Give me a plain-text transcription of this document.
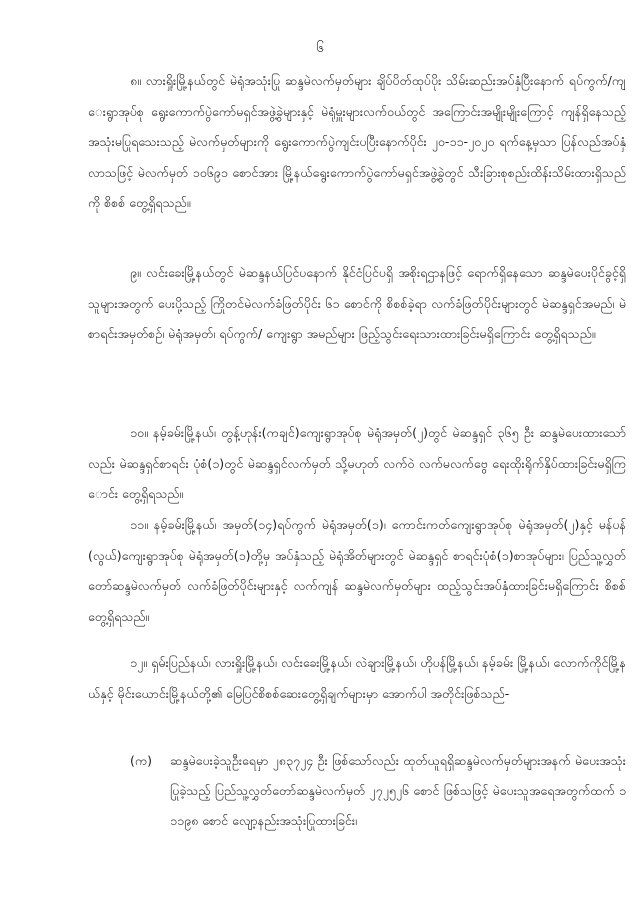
၆
၈။ လားရှိုးမြို့နယ်တွင် မဲရုံအသုံးပြု ဆန္ဒမဲလက်မှတ်များ ချိပ်ပိတ်ထုပ်ပိုး သိမ်းဆည်းအပ်နှံပြီးနောက် ရပ်ကွက်/ကျေးရွာအုပ်စု ရွေးကောက်ပွဲကော်မရှင်အဖွဲ့ခွဲများနှင့် မဲရုံမှူးများလက်ဝယ်တွင် အကြောင်းအမျိုးမျိုးကြောင့် ကျန်ရှိနေသည့် အသုံးမပြုရသေးသည့် မဲလက်မှတ်များကို ရွေးကောက်ပွဲကျင်းပပြီးနောက်ပိုင်း ၂၀-၁၁-၂၀၂၀ ရက်နေ့မှသာ ပြန်လည်အပ်နှံလာသဖြင့် မဲလက်မှတ် ၁၀၆၉၁ စောင်အား မြို့နယ်ရွေးကောက်ပွဲကော်မရှင်အဖွဲ့ခွဲတွင် သီးခြားစုစည်းထိန်းသိမ်းထားရှိသည်ကို စိစစ် တွေ့ရှိရသည်။
၉။ လင်းခေးမြို့နယ်တွင် မဲဆန္ဒနယ်ပြင်ပနောက် နိုင်ငံပြင်ပရှိ အစိုးရဌာနဖြင့် ရောက်ရှိနေသော ဆန္ဒမဲပေးပိုင်ခွင့်ရှိသူများအတွက် ပေးပို့သည့် ကြိုတင်မဲလက်ခံဖြတ်ပိုင်း ၆၁ စောင်ကို စိစစ်ခဲ့ရာ လက်ခံဖြတ်ပိုင်းများတွင် မဲဆန္ဒရှင်အမည်၊ မဲစာရင်းအမှတ်စဉ်၊ မဲရုံအမှတ်၊ ရပ်ကွက်/ ကျေးရွာ အမည်များ ဖြည့်သွင်းရေးသားထားခြင်းမရှိကြောင်း တွေ့ရှိရသည်။
၁၀။ နမ့်ခမ်းမြို့နယ်၊ တွန့်ဟုန်း(ကချင်)ကျေးရွာအုပ်စု မဲရုံအမှတ်(၂)တွင် မဲဆန္ဒရှင် ၃၆၅ ဦး ဆန္ဒမဲပေးထားသော်လည်း မဲဆန္ဒရှင်စာရင်း ပုံစံ(၁)တွင် မဲဆန္ဒရှင်လက်မှတ် သို့မဟုတ် လက်ဝဲ လက်မလက်ဗွေ ရေးထိုးရိုက်နှိပ်ထားခြင်းမရှိကြောင်း တွေ့ရှိရသည်။
၁၁။ နမ့်ခမ်းမြို့နယ်၊ အမှတ်(၁၄)ရပ်ကွက် မဲရုံအမှတ်(၁)၊ ကောင်းကတ်ကျေးရွာအုပ်စု မဲရုံအမှတ်(၂)နှင့် မန်ပန်(လွယ်)ကျေးရွာအုပ်စု မဲရုံအမှတ်(၁)တို့မှ အပ်နှံသည့် မဲရုံအိတ်များတွင် မဲဆန္ဒရှင် စာရင်းပုံစံ(၁)စာအုပ်များ၊ ပြည်သူ့လွှတ်တော်ဆန္ဒမဲလက်မှတ် လက်ခံဖြတ်ပိုင်းများနှင့် လက်ကျန် ဆန္ဒမဲလက်မှတ်များ ထည့်သွင်းအပ်နှံထားခြင်းမရှိကြောင်း စိစစ်တွေ့ရှိရသည်။
၁၂။ ရှမ်းပြည်နယ်၊ လားရှိုးမြို့နယ်၊ လင်းခေးမြို့နယ်၊ လဲချားမြို့နယ်၊ ဟိုပန်မြို့နယ်၊ နမ့်ခမ်း မြို့နယ်၊ လောက်ကိုင်မြို့နယ်နှင့် မိုင်းယောင်းမြို့နယ်တို့၏ မြေပြင်စိစစ်ဆေးတွေ့ရှိချက်များမှာ အောက်ပါ အတိုင်းဖြစ်သည်-
(က)	ဆန္ဒမဲပေးခဲ့သူဦးရေမှာ ၂၈၃၇၂၄ ဦး ဖြစ်သော်လည်း ထုတ်ယူရရှိဆန္ဒမဲလက်မှတ်များအနက် မဲပေးအသုံးပြုခဲ့သည့် ပြည်သူ့လွှတ်တော်ဆန္ဒမဲလက်မှတ် ၂၇၂၅၂၆ စောင် ဖြစ်သဖြင့် မဲပေးသူအရေအတွက်ထက် ၁၁၁၉၈ စောင် လျော့နည်းအသုံးပြုထားခြင်း၊
